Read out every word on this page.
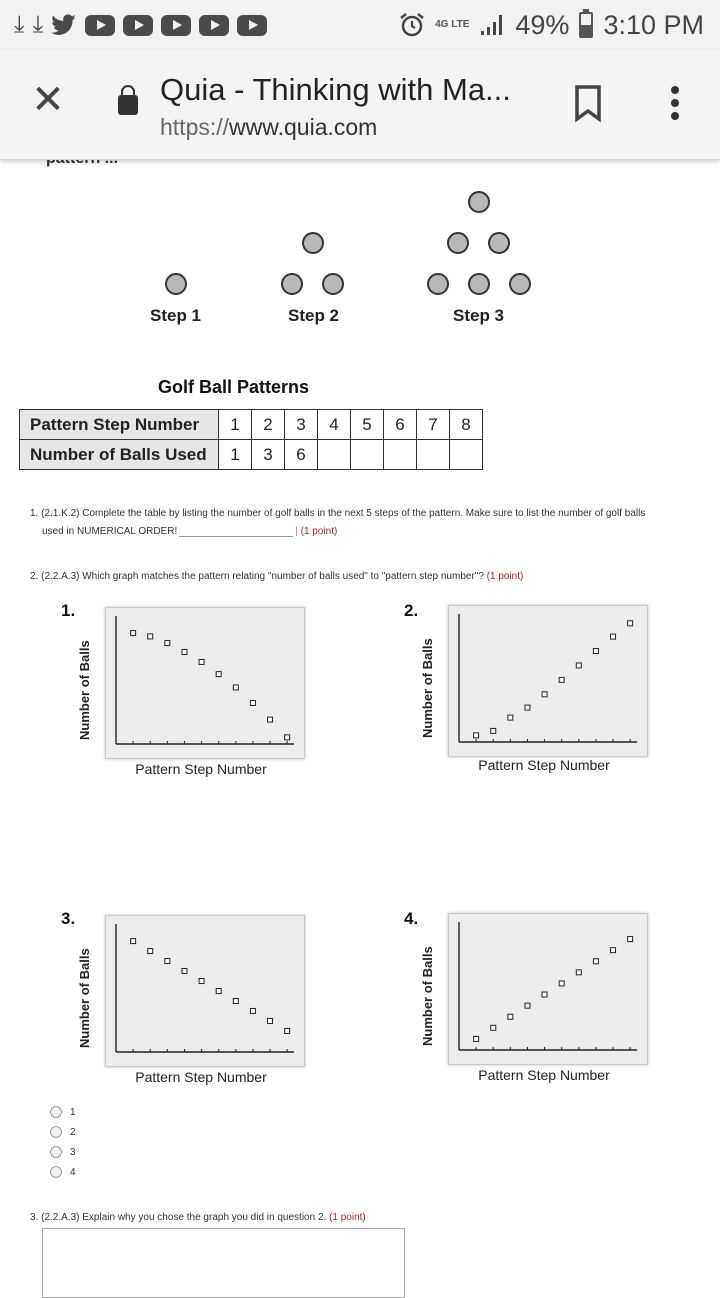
⤓ ⤓	4G LTE 49% 3:10 PM
✕	Quia - Thinking with Ma...
https://www.quia.com
Step 1	Step 2	Step 3
Golf Ball Patterns
Pattern Step Number	1	2	3	4	5	6	7	8
Number of Balls Used	1	3	6					
1. (2.1.K.2) Complete the table by listing the number of golf balls in the next 5 steps of the pattern. Make sure to list the number of golf balls
used in NUMERICAL ORDER!	| (1 point)
2. (2.2.A.3) Which graph matches the pattern relating "number of balls used" to "pattern step number"? (1 point)
1.
Number of Balls
Pattern Step Number
2.
Number of Balls
Pattern Step Number
3.
Number of Balls
Pattern Step Number
4.
Number of Balls
Pattern Step Number
1
2
3
4
3. (2.2.A.3) Explain why you chose the graph you did in question 2. (1 point)
